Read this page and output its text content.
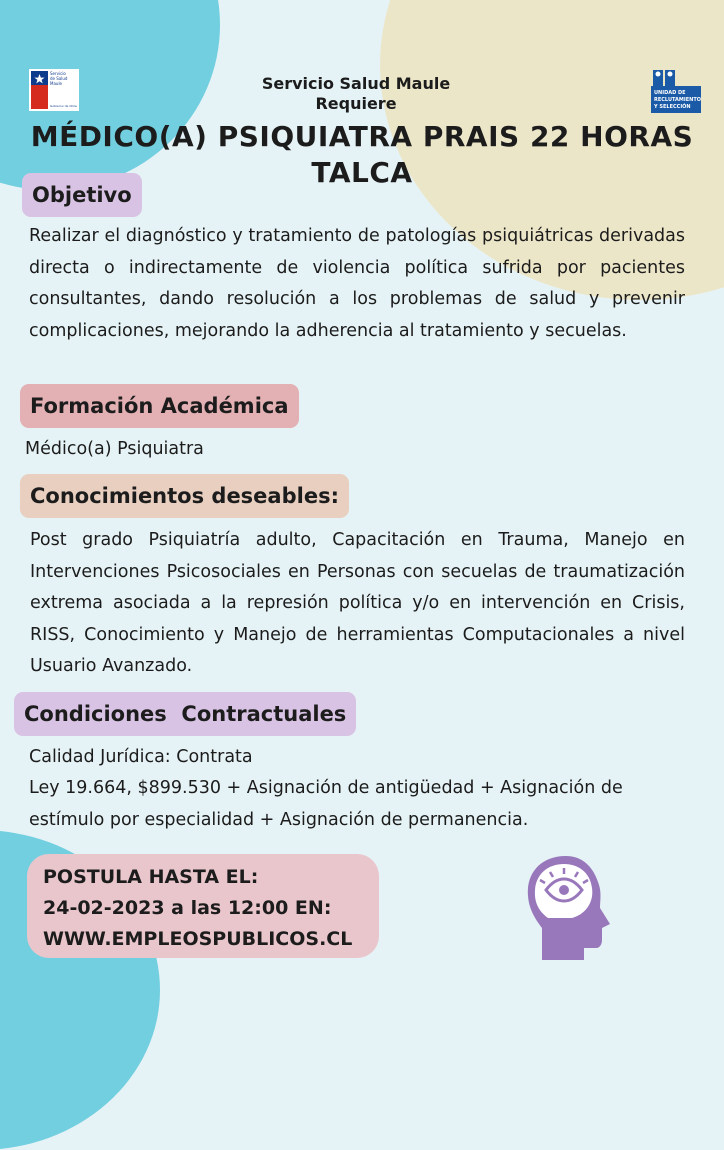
Servicio
de Salud
Maule
Gobierno de Chile
UNIDAD DE
RECLUTAMIENTO
Y SELECCIÓN
Servicio Salud Maule
Requiere
MÉDICO(A) PSIQUIATRA PRAIS 22 HORAS
TALCA
Objetivo
Realizar el diagnóstico y tratamiento de patologías psiquiátricas derivadas directa o indirectamente de violencia política sufrida por pacientes consultantes, dando resolución a los problemas de salud y prevenir complicaciones, mejorando la adherencia al tratamiento y secuelas.
Formación Académica
Médico(a) Psiquiatra
Conocimientos deseables:
Post grado Psiquiatría adulto, Capacitación en Trauma, Manejo en Intervenciones Psicosociales en Personas con secuelas de traumatización extrema asociada a la represión política y/o en intervención en Crisis, RISS, Conocimiento y Manejo de herramientas Computacionales a nivel Usuario Avanzado.
Condiciones  Contractuales
Calidad Jurídica: Contrata
Ley 19.664, $899.530 + Asignación de antigüedad + Asignación de estímulo por especialidad + Asignación de permanencia.
POSTULA HASTA EL:
24-02-2023 a las 12:00 EN:
WWW.EMPLEOSPUBLICOS.CL
